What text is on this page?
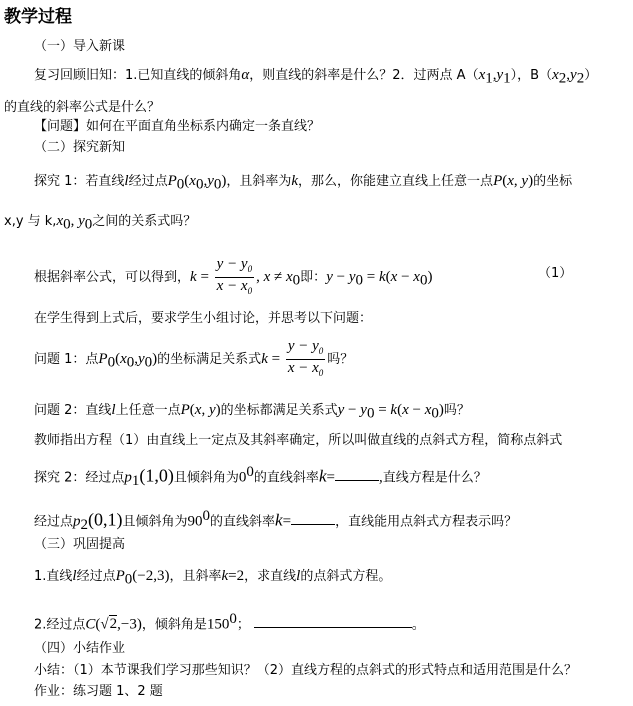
教学过程
（一）导入新课
复习回顾旧知：1.已知直线的倾斜角α，则直线的斜率是什么？2．过两点 $A(x_1,y_1)$，$B(x_2,y_2)$
的直线的斜率公式是什么？
【问题】如何在平面直角坐标系内确定一条直线？
（二）探究新知
探究 1：若直线l经过点$P_0(x_0,y_0)$，且斜率为k，那么，你能建立直线上任意一点P(x, y)的坐标
x,y 与 $k,x_0$, $y_0$之间的关系式吗？
根据斜率公式，可以得到，$k = \frac{y - y_0}{x - x_0}$ , $x \ne x_0$即：$y - y_0 = k(x - x_0)$	（1）
在学生得到上式后，要求学生小组讨论，并思考以下问题：
问题 1：点$P_0(x_0,y_0)$的坐标满足关系式$k = \frac{y - y_0}{x - x_0}$ 吗？
问题 2：直线l上任意一点P(x, y)的坐标都满足关系式$y - y_0 = k(x - x_0)$吗？
教师指出方程（1）由直线上一定点及其斜率确定，所以叫做直线的点斜式方程，简称点斜式
探究 2：经过点$p_1(1,0)$且倾斜角为$0^0$的直线斜率k=	,直线方程是什么？
经过点$p_2(0,1)$且倾斜角为$90^0$的直线斜率k=	，直线能用点斜式方程表示吗？
（三）巩固提高
1.直线l经过点$P_0(-2,3)$，且斜率k=2，求直线l的点斜式方程。
2.经过点C(√2,−3)，倾斜角是$150^0$；	。
（四）小结作业
小结：（1）本节课我们学习那些知识？（2）直线方程的点斜式的形式特点和适用范围是什么？
作业：练习题 1、2 题
